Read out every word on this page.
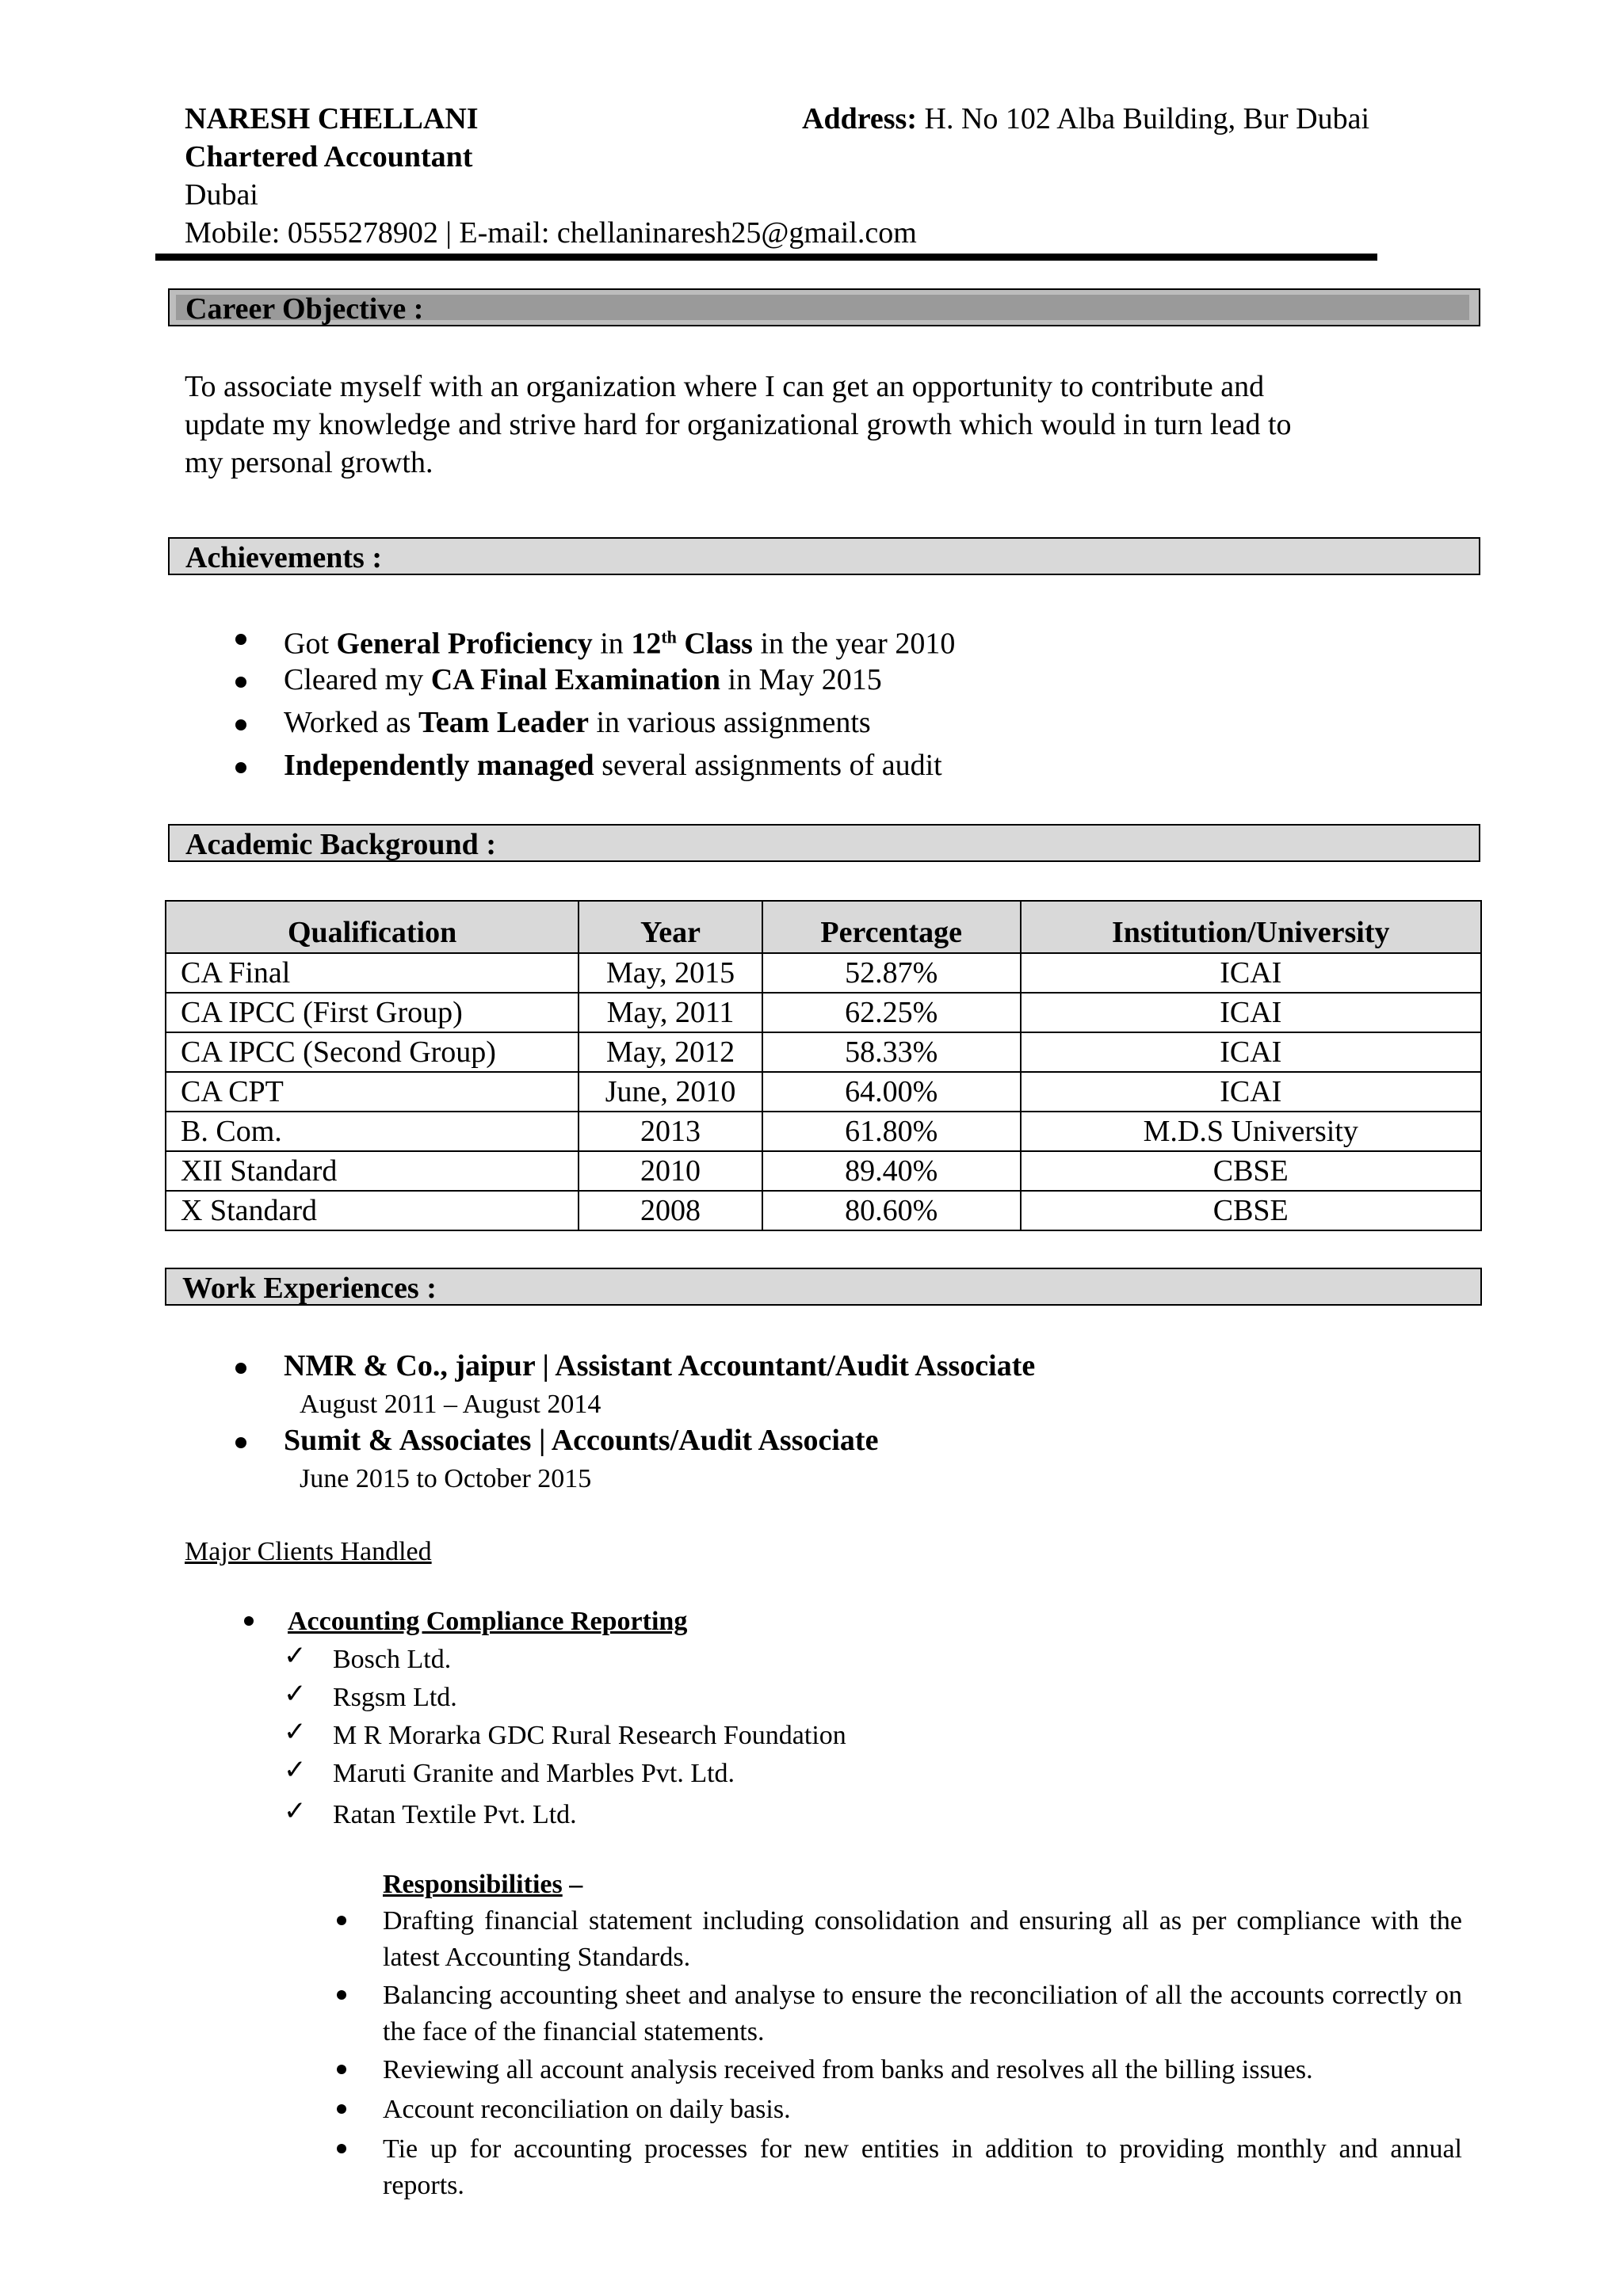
NARESH CHELLANI
Chartered Accountant
Dubai
Mobile: 0555278902 | E-mail: chellaninaresh25@gmail.com
Address: H. No 102 Alba Building, Bur Dubai
Career Objective :
To associate myself with an organization where I can get an opportunity to contribute and
update my knowledge and strive hard for organizational growth which would in turn lead to
my personal growth.
Achievements :
Got General Proficiency in 12th Class in the year 2010
Cleared my CA Final Examination in May 2015
Worked as Team Leader in various assignments
Independently managed several assignments of audit
Academic Background :
Qualification	Year	Percentage	Institution/University
CA Final	May, 2015	52.87%	ICAI
CA IPCC (First Group)	May, 2011	62.25%	ICAI
CA IPCC (Second Group)	May, 2012	58.33%	ICAI
CA CPT	June, 2010	64.00%	ICAI
B. Com.	2013	61.80%	M.D.S University
XII Standard	2010	89.40%	CBSE
X Standard	2008	80.60%	CBSE
Work Experiences :
NMR & Co., jaipur | Assistant Accountant/Audit Associate
August 2011 – August 2014
Sumit & Associates | Accounts/Audit Associate
June 2015 to October 2015
Major Clients Handled
Accounting Compliance Reporting
✓ Bosch Ltd.
✓ Rsgsm Ltd.
✓ M R Morarka GDC Rural Research Foundation
✓ Maruti Granite and Marbles Pvt. Ltd.
✓ Ratan Textile Pvt. Ltd.
Responsibilities –
Drafting financial statement including consolidation and ensuring all as per compliance with the latest Accounting Standards.
Balancing accounting sheet and analyse to ensure the reconciliation of all the accounts correctly on the face of the financial statements.
Reviewing all account analysis received from banks and resolves all the billing issues.
Account reconciliation on daily basis.
Tie up for accounting processes for new entities in addition to providing monthly and annual reports.
